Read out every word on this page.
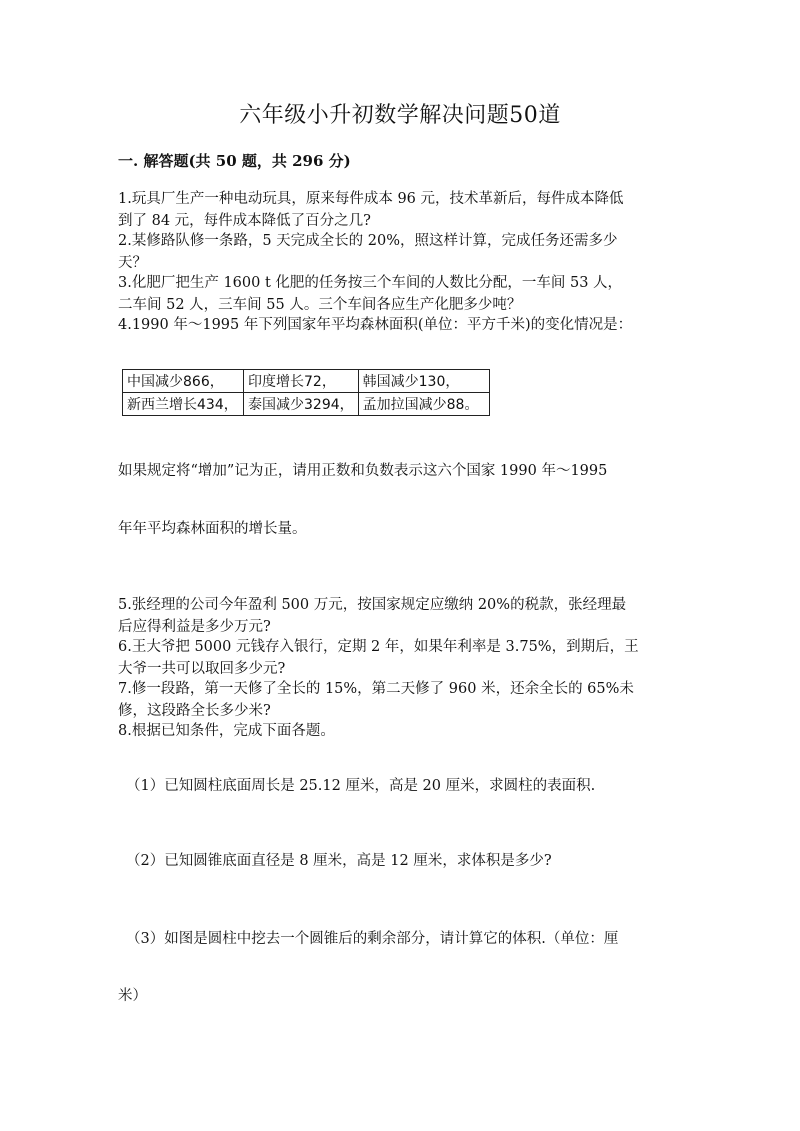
六年级小升初数学解决问题50道
一. 解答题(共 50 题，共 296 分)
1.玩具厂生产一种电动玩具，原来每件成本 96 元，技术革新后，每件成本降低
到了 84 元，每件成本降低了百分之几?
2.某修路队修一条路，5 天完成全长的 20%，照这样计算，完成任务还需多少
天？
3.化肥厂把生产 1600 t 化肥的任务按三个车间的人数比分配，一车间 53 人，
二车间 52 人，三车间 55 人。三个车间各应生产化肥多少吨？
4.1990 年～1995 年下列国家年平均森林面积(单位：平方千米)的变化情况是：
中国减少866，	印度增长72，	韩国减少130，
新西兰增长434，	泰国减少3294，	孟加拉国减少88。
如果规定将“增加”记为正，请用正数和负数表示这六个国家 1990 年～1995
年年平均森林面积的增长量。
5.张经理的公司今年盈利 500 万元，按国家规定应缴纳 20%的税款，张经理最
后应得利益是多少万元?
6.王大爷把 5000 元钱存入银行，定期 2 年，如果年利率是 3.75%，到期后，王
大爷一共可以取回多少元?
7.修一段路，第一天修了全长的 15%，第二天修了 960 米，还余全长的 65%未
修，这段路全长多少米?
8.根据已知条件，完成下面各题。
（1）已知圆柱底面周长是 25.12 厘米，高是 20 厘米，求圆柱的表面积.
（2）已知圆锥底面直径是 8 厘米，高是 12 厘米，求体积是多少?
（3）如图是圆柱中挖去一个圆锥后的剩余部分，请计算它的体积.（单位：厘
米）
